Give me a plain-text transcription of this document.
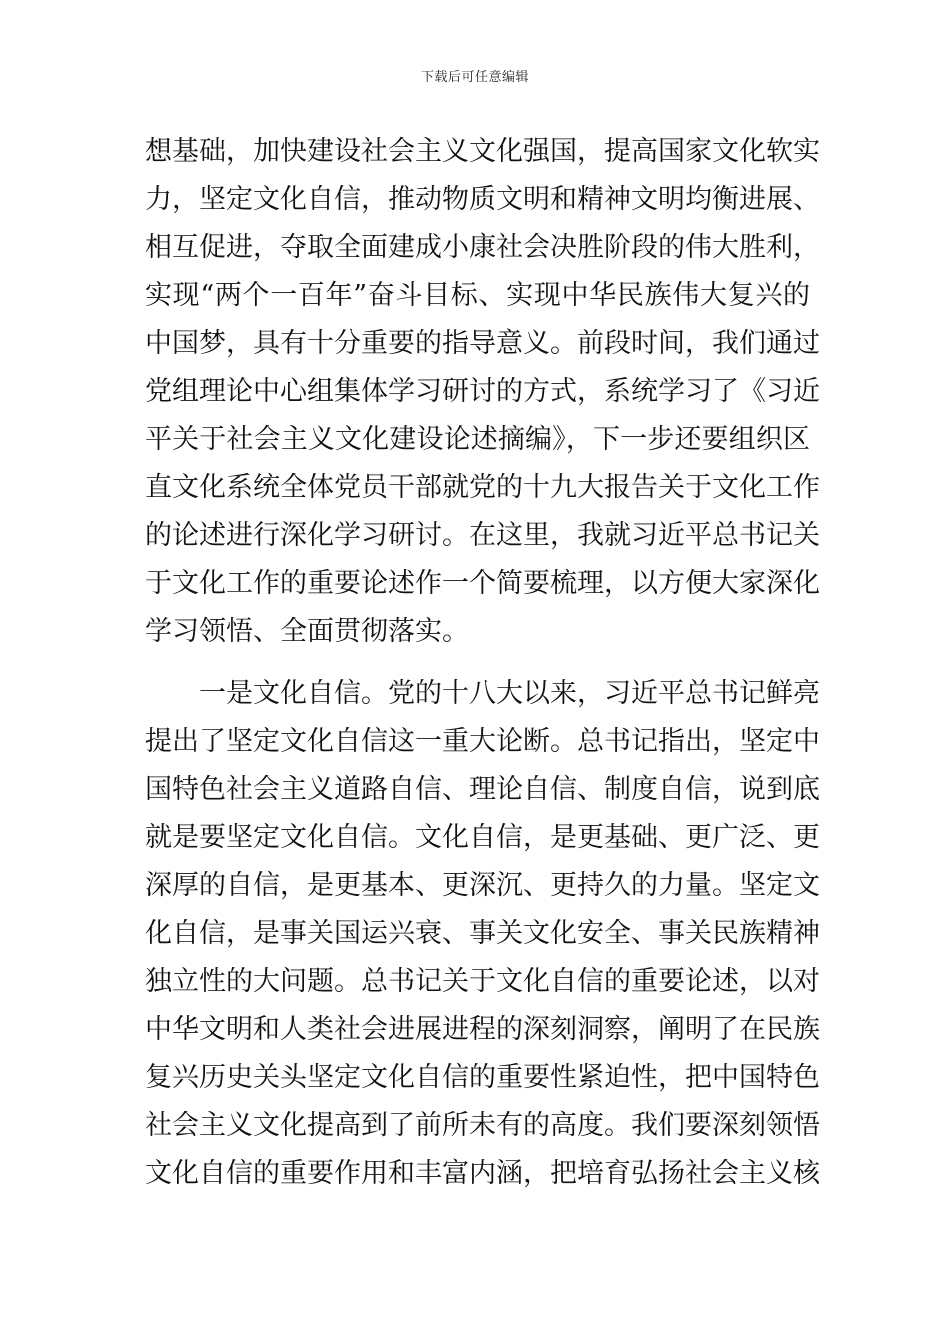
下载后可任意编辑
想基础，加快建设社会主义文化强国，提高国家文化软实
力，坚定文化自信，推动物质文明和精神文明均衡进展、
相互促进，夺取全面建成小康社会决胜阶段的伟大胜利，
实现“两个一百年”奋斗目标、实现中华民族伟大复兴的
中国梦，具有十分重要的指导意义。前段时间，我们通过
党组理论中心组集体学习研讨的方式，系统学习了《习近
平关于社会主义文化建设论述摘编》，下一步还要组织区
直文化系统全体党员干部就党的十九大报告关于文化工作
的论述进行深化学习研讨。在这里，我就习近平总书记关
于文化工作的重要论述作一个简要梳理，以方便大家深化
学习领悟、全面贯彻落实。
一是文化自信。党的十八大以来，习近平总书记鲜亮
提出了坚定文化自信这一重大论断。总书记指出，坚定中
国特色社会主义道路自信、理论自信、制度自信，说到底
就是要坚定文化自信。文化自信，是更基础、更广泛、更
深厚的自信，是更基本、更深沉、更持久的力量。坚定文
化自信，是事关国运兴衰、事关文化安全、事关民族精神
独立性的大问题。总书记关于文化自信的重要论述，以对
中华文明和人类社会进展进程的深刻洞察，阐明了在民族
复兴历史关头坚定文化自信的重要性紧迫性，把中国特色
社会主义文化提高到了前所未有的高度。我们要深刻领悟
文化自信的重要作用和丰富内涵，把培育弘扬社会主义核
